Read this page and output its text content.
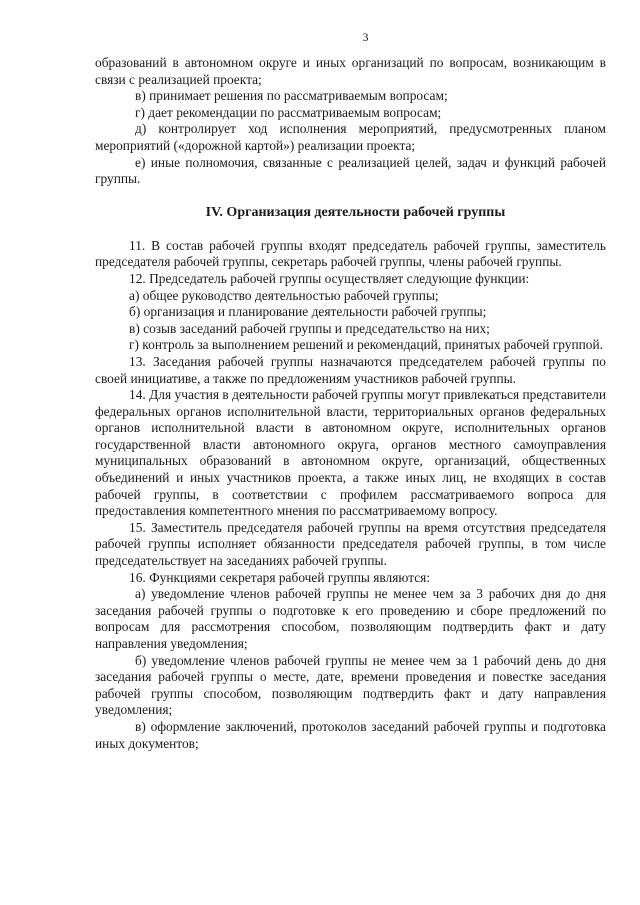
3

образований в автономном округе и иных организаций по вопросам, возникающим в связи с реализацией проекта;

в) принимает решения по рассматриваемым вопросам;

г) дает рекомендации по рассматриваемым вопросам;

д) контролирует ход исполнения мероприятий, предусмотренных планом мероприятий («дорожной картой») реализации проекта;

е) иные полномочия, связанные с реализацией целей, задач и функций рабочей группы.

IV. Организация деятельности рабочей группы

11. В состав рабочей группы входят председатель рабочей группы, заместитель председателя рабочей группы, секретарь рабочей группы, члены рабочей группы.

12. Председатель рабочей группы осуществляет следующие функции:

а) общее руководство деятельностью рабочей группы;

б) организация и планирование деятельности рабочей группы;

в) созыв заседаний рабочей группы и председательство на них;

г) контроль за выполнением решений и рекомендаций, принятых рабочей группой.

13. Заседания рабочей группы назначаются председателем рабочей группы по своей инициативе, а также по предложениям участников рабочей группы.

14. Для участия в деятельности рабочей группы могут привлекаться представители федеральных органов исполнительной власти, территориальных органов федеральных органов исполнительной власти в автономном округе, исполнительных органов государственной власти автономного округа, органов местного самоуправления муниципальных образований в автономном округе, организаций, общественных объединений и иных участников проекта, а также иных лиц, не входящих в состав рабочей группы, в соответствии с профилем рассматриваемого вопроса для предоставления компетентного мнения по рассматриваемому вопросу.

15. Заместитель председателя рабочей группы на время отсутствия председателя рабочей группы исполняет обязанности председателя рабочей группы, в том числе председательствует на заседаниях рабочей группы.

16. Функциями секретаря рабочей группы являются:

а) уведомление членов рабочей группы не менее чем за 3 рабочих дня до дня заседания рабочей группы о подготовке к его проведению и сборе предложений по вопросам для рассмотрения способом, позволяющим подтвердить факт и дату направления уведомления;

б) уведомление членов рабочей группы не менее чем за 1 рабочий день до дня заседания рабочей группы о месте, дате, времени проведения и повестке заседания рабочей группы способом, позволяющим подтвердить факт и дату направления уведомления;

в) оформление заключений, протоколов заседаний рабочей группы и подготовка иных документов;
